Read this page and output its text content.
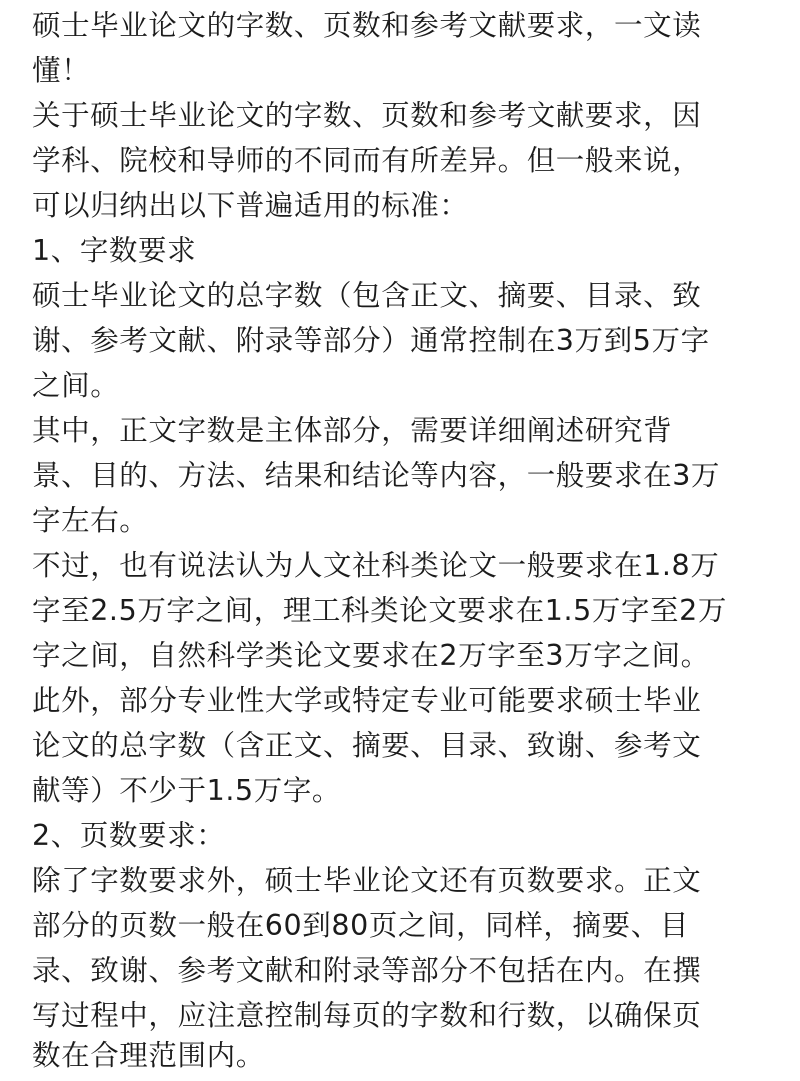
硕士毕业论文的字数、页数和参考文献要求，一文读
懂！
关于硕士毕业论文的字数、页数和参考文献要求，因
学科、院校和导师的不同而有所差异。但一般来说，
可以归纳出以下普遍适用的标准：
1、字数要求
硕士毕业论文的总字数（包含正文、摘要、目录、致
谢、参考文献、附录等部分）通常控制在3万到5万字
之间。
其中，正文字数是主体部分，需要详细阐述研究背
景、目的、方法、结果和结论等内容，一般要求在3万
字左右。
不过，也有说法认为人文社科类论文一般要求在1.8万
字至2.5万字之间，理工科类论文要求在1.5万字至2万
字之间，自然科学类论文要求在2万字至3万字之间。
此外，部分专业性大学或特定专业可能要求硕士毕业
论文的总字数（含正文、摘要、目录、致谢、参考文
献等）不少于1.5万字。
2、页数要求：
除了字数要求外，硕士毕业论文还有页数要求。正文
部分的页数一般在60到80页之间，同样，摘要、目
录、致谢、参考文献和附录等部分不包括在内。在撰
写过程中，应注意控制每页的字数和行数，以确保页
数在合理范围内。
